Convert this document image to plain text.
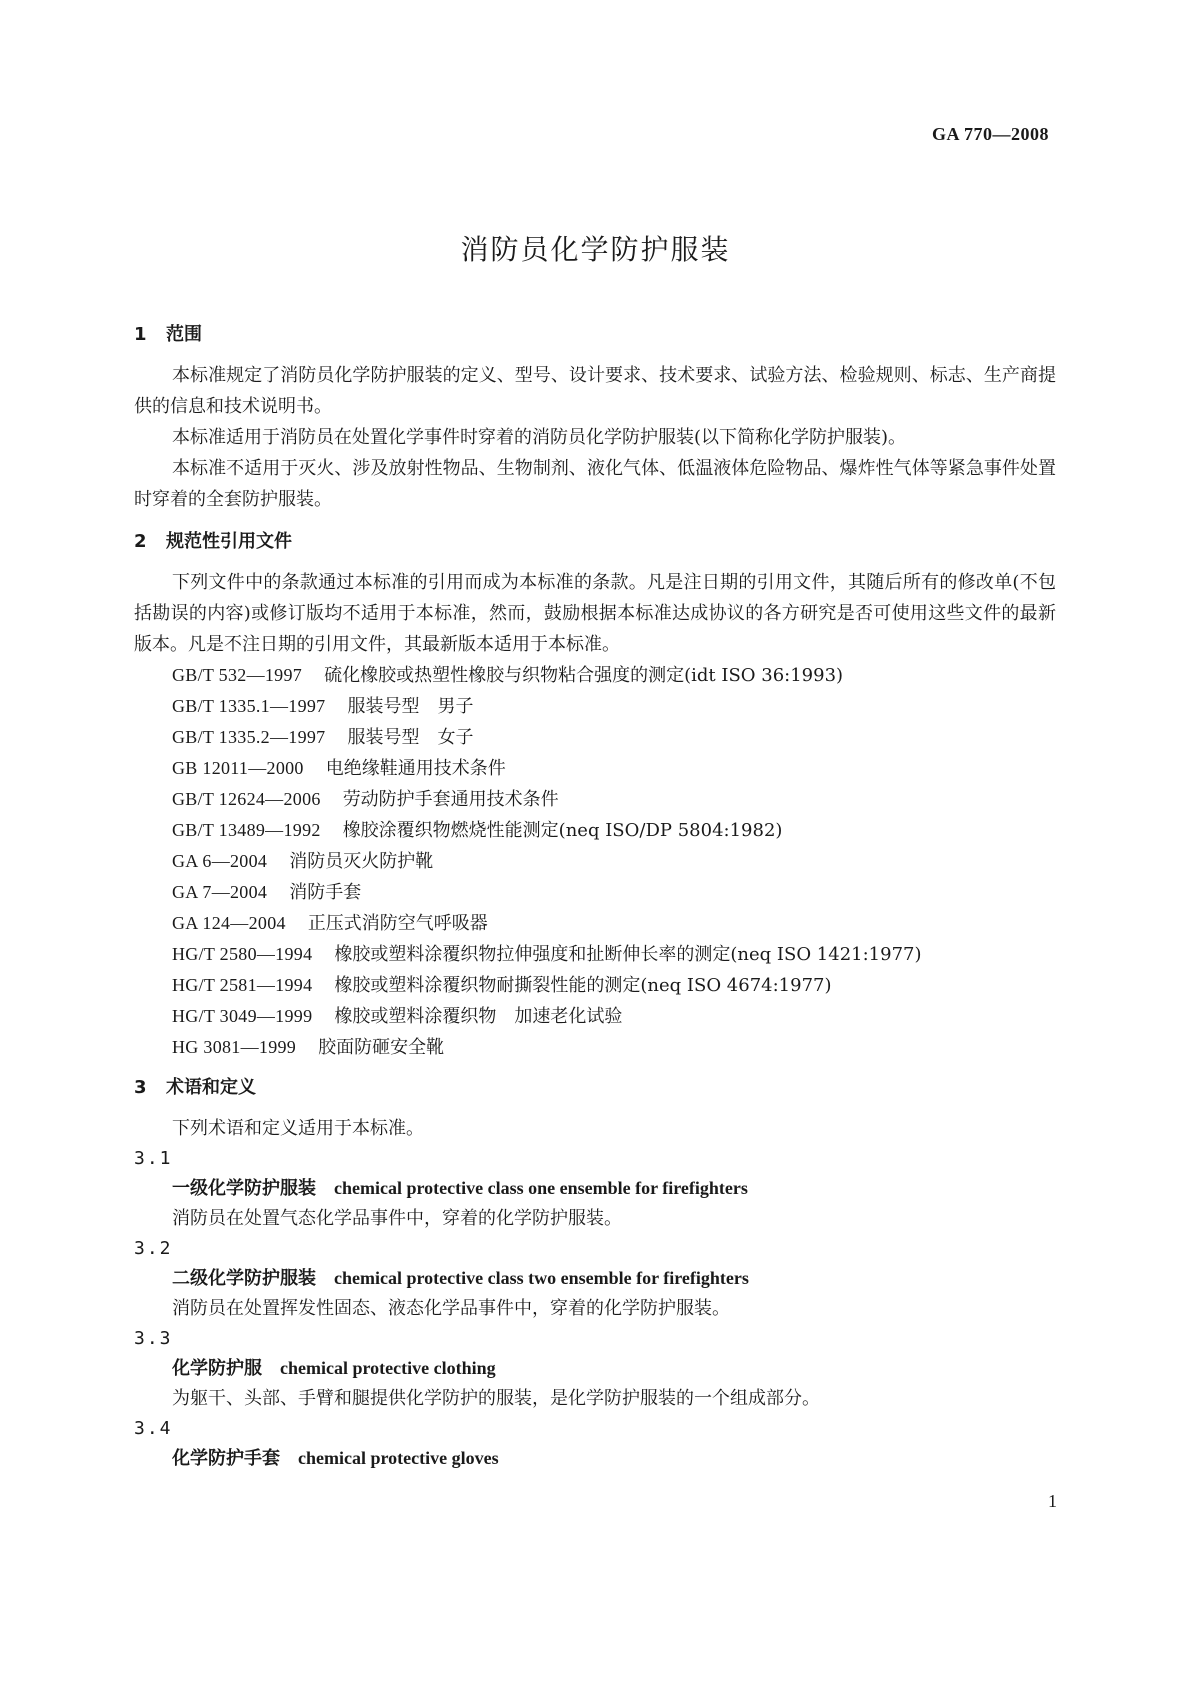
GA 770—2008
消防员化学防护服装
1 范围

本标准规定了消防员化学防护服装的定义、型号、设计要求、技术要求、试验方法、检验规则、标志、生产商提供的信息和技术说明书。

本标准适用于消防员在处置化学事件时穿着的消防员化学防护服装(以下简称化学防护服装)。

本标准不适用于灭火、涉及放射性物品、生物制剂、液化气体、低温液体危险物品、爆炸性气体等紧急事件处置时穿着的全套防护服装。

2 规范性引用文件

下列文件中的条款通过本标准的引用而成为本标准的条款。凡是注日期的引用文件，其随后所有的修改单(不包括勘误的内容)或修订版均不适用于本标准，然而，鼓励根据本标准达成协议的各方研究是否可使用这些文件的最新版本。凡是不注日期的引用文件，其最新版本适用于本标准。

GB/T 532—1997 硫化橡胶或热塑性橡胶与织物粘合强度的测定(idt ISO 36:1993)
GB/T 1335.1—1997 服装号型　男子
GB/T 1335.2—1997 服装号型　女子
GB 12011—2000 电绝缘鞋通用技术条件
GB/T 12624—2006 劳动防护手套通用技术条件
GB/T 13489—1992 橡胶涂覆织物燃烧性能测定(neq ISO/DP 5804:1982)
GA 6—2004 消防员灭火防护靴
GA 7—2004 消防手套
GA 124—2004 正压式消防空气呼吸器
HG/T 2580—1994 橡胶或塑料涂覆织物拉伸强度和扯断伸长率的测定(neq ISO 1421:1977)
HG/T 2581—1994 橡胶或塑料涂覆织物耐撕裂性能的测定(neq ISO 4674:1977)
HG/T 3049—1999 橡胶或塑料涂覆织物　加速老化试验
HG 3081—1999 胶面防砸安全靴
3 术语和定义

下列术语和定义适用于本标准。

3.1
一级化学防护服装 chemical protective class one ensemble for firefighters
消防员在处置气态化学品事件中，穿着的化学防护服装。
3.2
二级化学防护服装 chemical protective class two ensemble for firefighters
消防员在处置挥发性固态、液态化学品事件中，穿着的化学防护服装。
3.3
化学防护服 chemical protective clothing
为躯干、头部、手臂和腿提供化学防护的服装，是化学防护服装的一个组成部分。
3.4
化学防护手套 chemical protective gloves
1
